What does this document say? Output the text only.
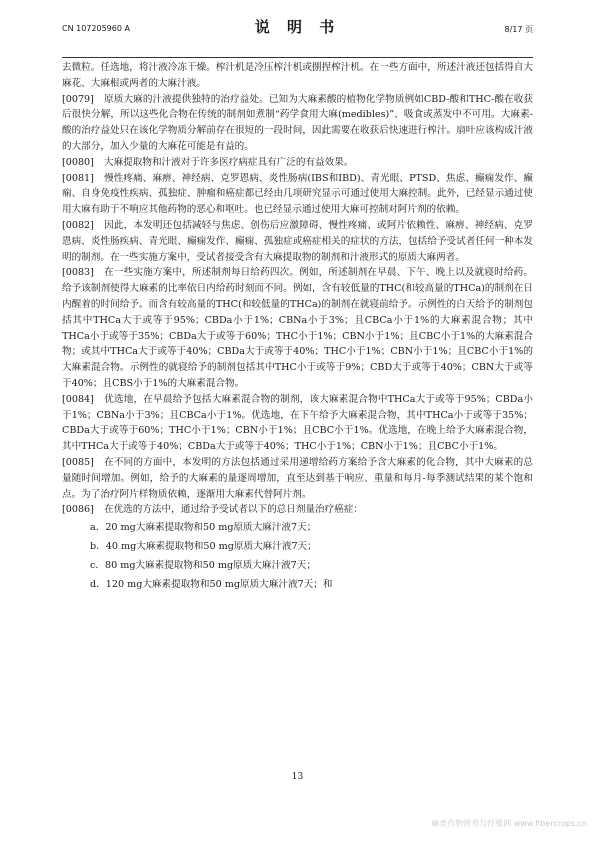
CN 107205960 A	说 明 书	8/17 页

去微粒。任选地，将汁液冷冻干燥。榨汁机是冷压榨汁机或捌捏榨汁机。在一些方面中，所述汁液还包括得自大麻花、大麻根或两者的大麻汁液。

[0079] 原质大麻的汁液提供独特的治疗益处。已知为大麻素酸的植物化学物质例如CBD-酸和THC-酸在收获后很快分解，所以这些化合物在传统的制剂如煮制“药学食用大麻(medibles)”、吸食或蒸发中不可用。大麻素-酸的治疗益处只在该化学物质分解前存在很短的一段时间，因此需要在收获后快速进行榨汁。扇叶应该构成汁液的大部分，加入少量的大麻花可能是有益的。

[0080] 大麻提取物和汁液对于许多医疗病症具有广泛的有益效果。

[0081] 慢性疼痛、麻痹、神经病、克罗恩病、炎性肠病(IBS和IBD)、青光眼、PTSD、焦虑、癫痫发作、癫痫、自身免疫性疾病、孤独症、肿瘤和癌症都已经由几项研究显示可通过使用大麻控制。此外，已经显示通过使用大麻有助于不响应其他药物的恶心和呕吐。也已经显示通过使用大麻可控制对阿片剂的依赖。

[0082] 因此，本发明还包括减轻与焦虑、创伤后应激障碍、慢性疼痛、或阿片依赖性、麻痹、神经病、克罗恩病、炎性肠疾病、青光眼、癫痫发作、癫痫、孤独症或癌症相关的症状的方法，包括给予受试者任何一种本发明的制剂。在一些实施方案中，受试者接受含有大麻提取物的制剂和汁液形式的原质大麻两者。

[0083] 在一些实施方案中，所述制剂每日给药四次。例如，所述制剂在早晨、下午、晚上以及就寝时给药。给予该制剂使得大麻素的比率依日内给药时刻而不同。例如，含有较低量的THC(和较高量的THCa)的制剂在日内醒着的时间给予。而含有较高量的THC(和较低量的THCa)的制剂在就寝前给予。示例性的白天给予的制剂包括其中THCa大于或等于95%；CBDa小于1%；CBNa小于3%；且CBCa小于1%的大麻素混合物；其中THCa小于或等于35%；CBDa大于或等于60%；THC小于1%；CBN小于1%；且CBC小于1%的大麻素混合物；或其中THCa大于或等于40%；CBDa大于或等于40%；THC小于1%；CBN小于1%；且CBC小于1%的大麻素混合物。示例性的就寝给予的制剂包括其中THC小于或等于9%；CBD大于或等于40%；CBN大于或等于40%；且CBS小于1%的大麻素混合物。

[0084] 优选地，在早晨给予包括大麻素混合物的制剂，该大麻素混合物中THCa大于或等于95%；CBDa小于1%；CBNa小于3%；且CBCa小于1%。优选地，在下午给予大麻素混合物，其中THCa小于或等于35%；CBDa大于或等于60%；THC小于1%；CBN小于1%；且CBC小于1%。优选地，在晚上给予大麻素混合物，其中THCa大于或等于40%；CBDa大于或等于40%；THC小于1%；CBN小于1%；且CBC小于1%。

[0085] 在不同的方面中，本发明的方法包括通过采用递增给药方案给予含大麻素的化合物，其中大麻素的总量随时间增加。例如，给予的大麻素的量逐周增加，直至达到基于响应、重量和每月-每季测试结果的某个饱和点。为了治疗阿片样物质依赖，逐渐用大麻素代替阿片剂。

[0086] 在优选的方法中，通过给予受试者以下的总日剂量治疗癌症：

a．20 mg大麻素提取物和50 mg原质大麻汁液7天；
b．40 mg大麻素提取物和50 mg原质大麻汁液7天；
c．80 mg大麻素提取物和50 mg原质大麻汁液7天；
d．120 mg大麻素提取物和50 mg原质大麻汁液7天；和
13
麻类作物营养与纤维网 www.fibercrops.cn
